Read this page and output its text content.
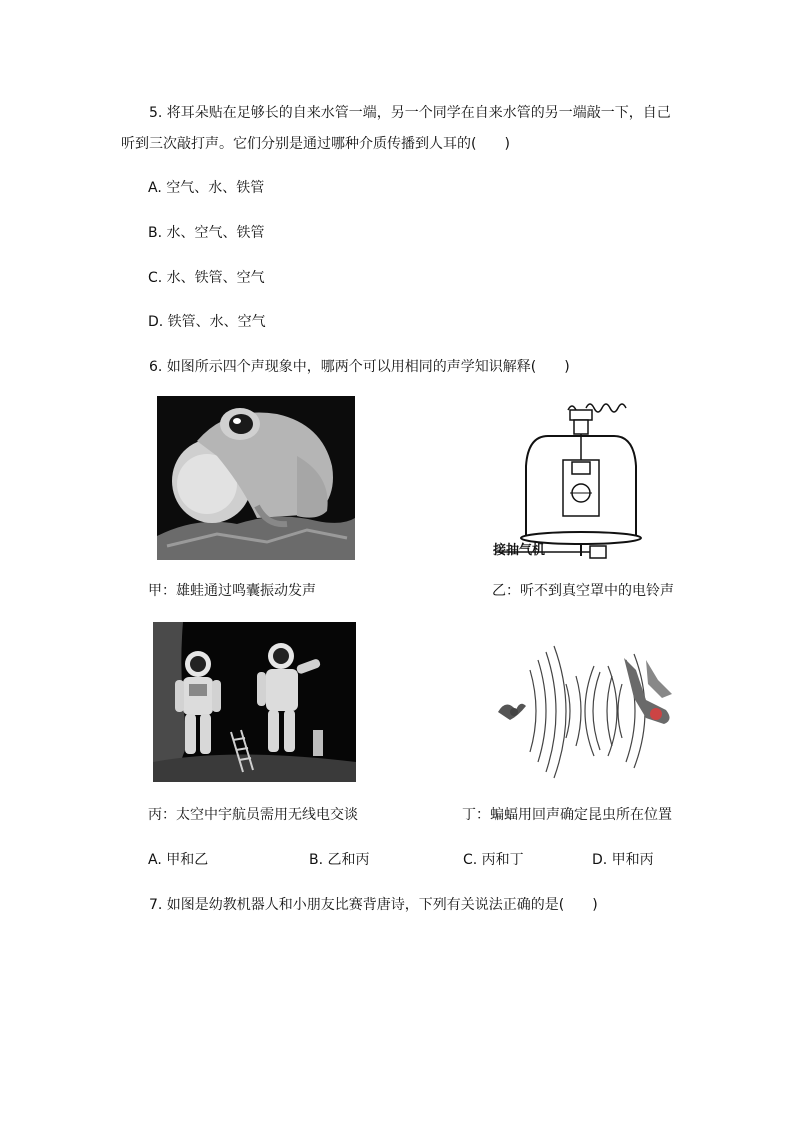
5. 将耳朵贴在足够长的自来水管一端，另一个同学在自来水管的另一端敲一下，自己
听到三次敲打声。它们分别是通过哪种介质传播到人耳的(　　)
A. 空气、水、铁管
B. 水、空气、铁管
C. 水、铁管、空气
D. 铁管、水、空气
6. 如图所示四个声现象中，哪两个可以用相同的声学知识解释(　　)
接抽气机
甲：雄蛙通过鸣囊振动发声	乙：听不到真空罩中的电铃声
丙：太空中宇航员需用无线电交谈	丁：蝙蝠用回声确定昆虫所在位置
A. 甲和乙	B. 乙和丙	C. 丙和丁	D. 甲和丙
7. 如图是幼教机器人和小朋友比赛背唐诗，下列有关说法正确的是(　　)
